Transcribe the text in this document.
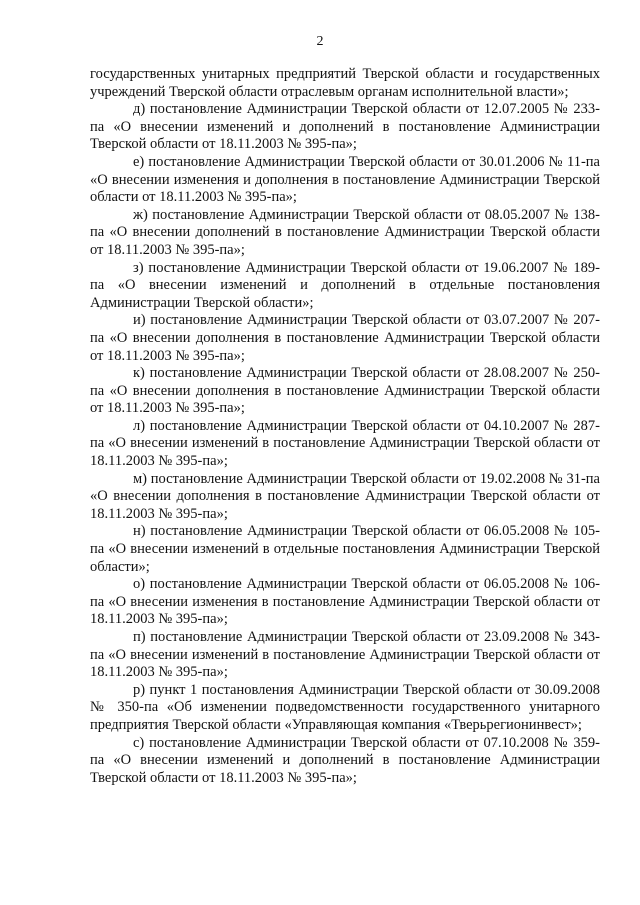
2

государственных унитарных предприятий Тверской области и государственных учреждений Тверской области отраслевым органам исполнительной власти»;

д) постановление Администрации Тверской области от 12.07.2005 № 233-па «О внесении изменений и дополнений в постановление Администрации Тверской области от 18.11.2003 № 395-па»;

е) постановление Администрации Тверской области от 30.01.2006 № 11-па «О внесении изменения и дополнения в постановление Администрации Тверской области от 18.11.2003 № 395-па»;

ж) постановление Администрации Тверской области от 08.05.2007 № 138-па «О внесении дополнений в постановление Администрации Тверской области от 18.11.2003 № 395-па»;

з) постановление Администрации Тверской области от 19.06.2007 № 189-па «О внесении изменений и дополнений в отдельные постановления Администрации Тверской области»;

и) постановление Администрации Тверской области от 03.07.2007 № 207-па «О внесении дополнения в постановление Администрации Тверской области от 18.11.2003 № 395-па»;

к) постановление Администрации Тверской области от 28.08.2007 № 250-па «О внесении дополнения в постановление Администрации Тверской области от 18.11.2003 № 395-па»;

л) постановление Администрации Тверской области от 04.10.2007 № 287-па «О внесении изменений в постановление Администрации Тверской области от 18.11.2003 № 395-па»;

м) постановление Администрации Тверской области от 19.02.2008 № 31-па «О внесении дополнения в постановление Администрации Тверской области от 18.11.2003 № 395-па»;

н) постановление Администрации Тверской области от 06.05.2008 № 105-па «О внесении изменений в отдельные постановления Администрации Тверской области»;

о) постановление Администрации Тверской области от 06.05.2008 № 106-па «О внесении изменения в постановление Администрации Тверской области от 18.11.2003 № 395-па»;

п) постановление Администрации Тверской области от 23.09.2008 № 343-па «О внесении изменений в постановление Администрации Тверской области от 18.11.2003 № 395-па»;

р) пункт 1 постановления Администрации Тверской области от 30.09.2008 № 350-па «Об изменении подведомственности государственного унитарного предприятия Тверской области «Управляющая компания «Тверьрегионинвест»;

с) постановление Администрации Тверской области от 07.10.2008 № 359-па «О внесении изменений и дополнений в постановление Администрации Тверской области от 18.11.2003 № 395-па»;
